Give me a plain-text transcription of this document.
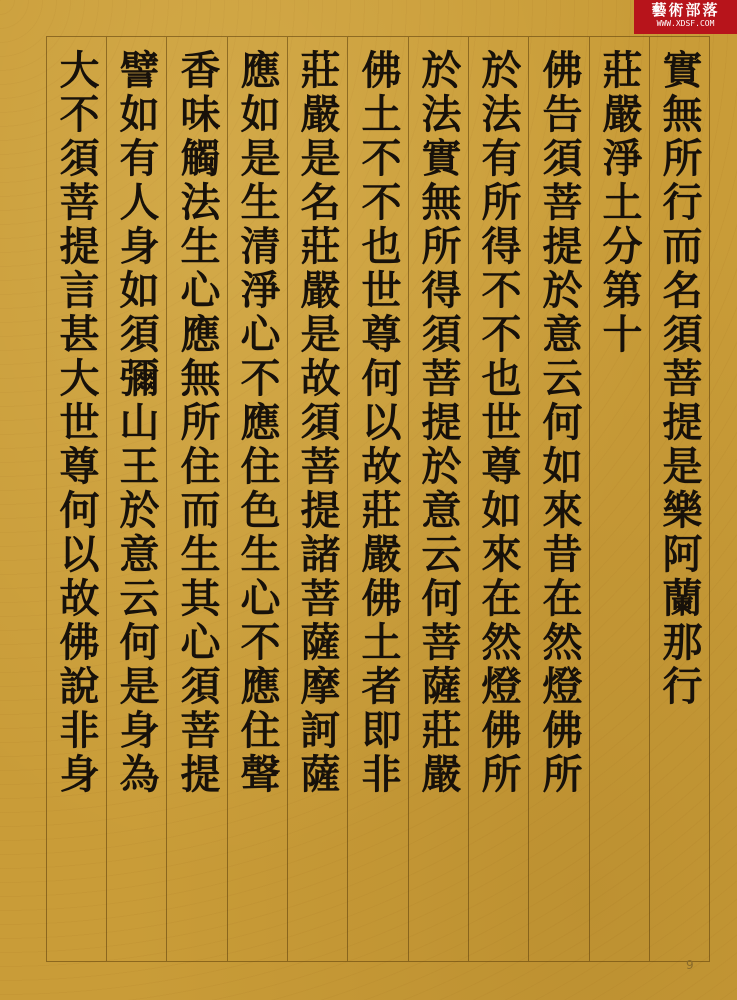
藝術部落
WWW.XDSF.COM
實無所行而名須菩提是樂阿蘭那行
莊嚴淨土分第十
佛告須菩提於意云何如來昔在然燈佛所
於法有所得不不也世尊如來在然燈佛所
於法實無所得須菩提於意云何菩薩莊嚴
佛土不不也世尊何以故莊嚴佛土者即非
莊嚴是名莊嚴是故須菩提諸菩薩摩訶薩
應如是生清淨心不應住色生心不應住聲
香味觸法生心應無所住而生其心須菩提
譬如有人身如須彌山王於意云何是身為
大不須菩提言甚大世尊何以故佛說非身
9
